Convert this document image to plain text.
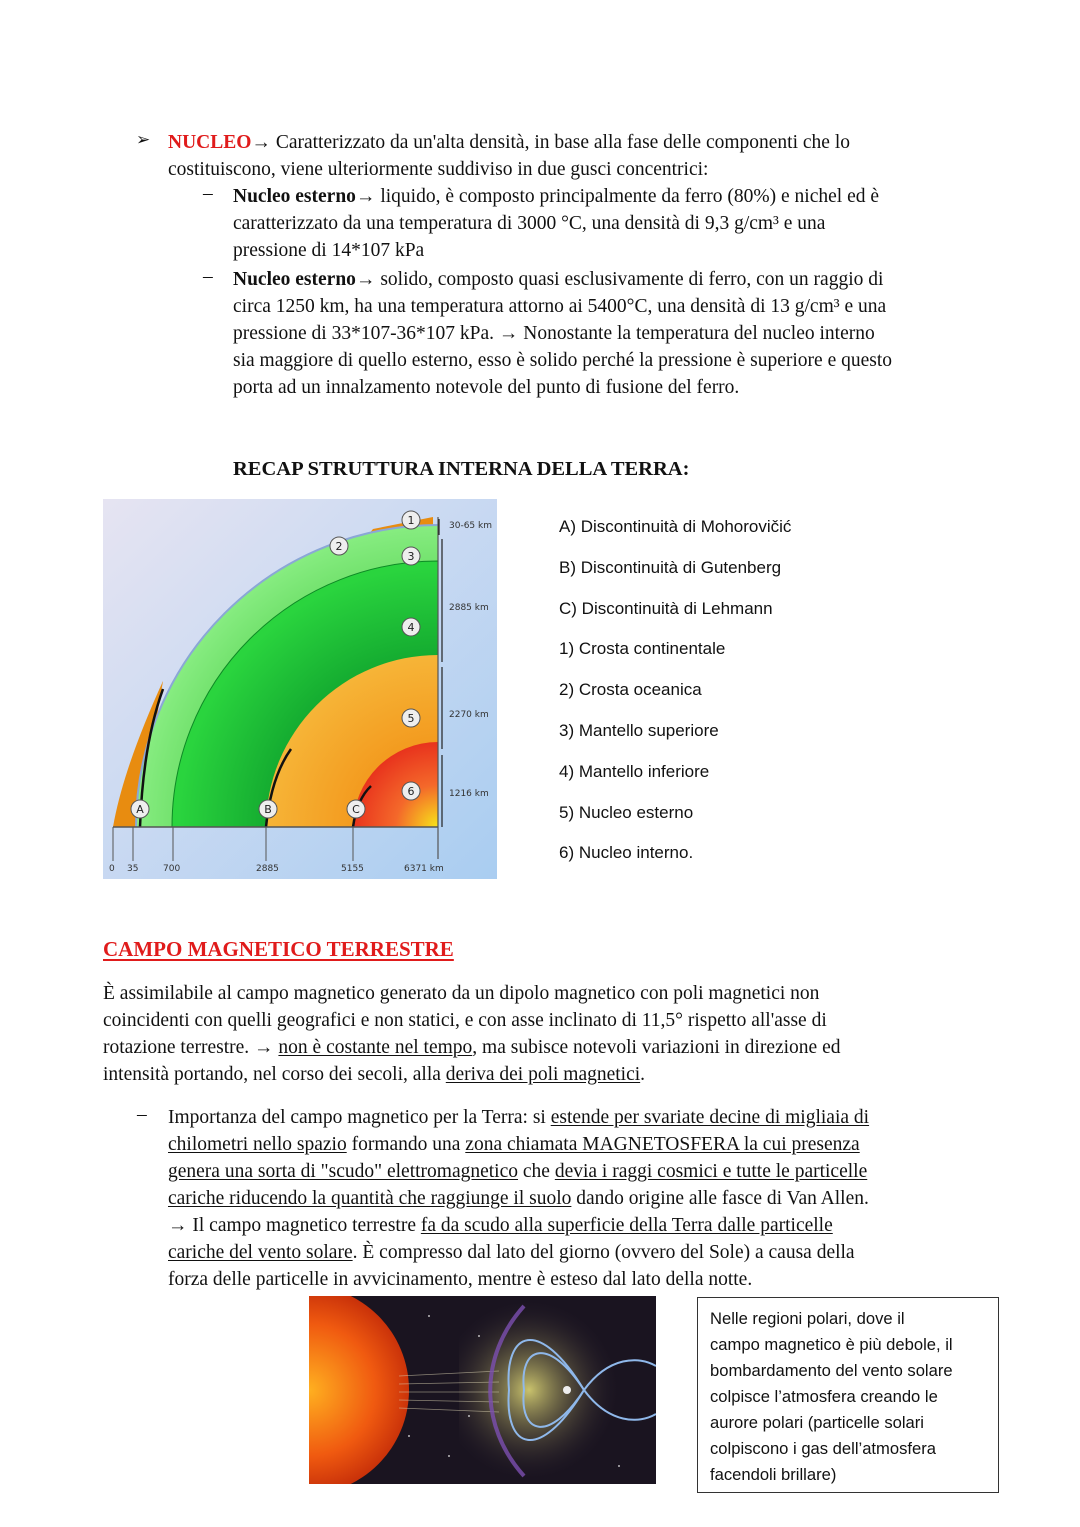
➢ NUCLEO→ Caratterizzato da un'alta densità, in base alla fase delle componenti che lo
costituiscono, viene ulteriormente suddiviso in due gusci concentrici:
– Nucleo esterno→ liquido, è composto principalmente da ferro (80%) e nichel ed è
caratterizzato da una temperatura di 3000 °C, una densità di 9,3 g/cm³ e una
pressione di 14*107 kPa
– Nucleo esterno→ solido, composto quasi esclusivamente di ferro, con un raggio di
circa 1250 km, ha una temperatura attorno ai 5400°C, una densità di 13 g/cm³ e una
pressione di 33*107-36*107 kPa. → Nonostante la temperatura del nucleo interno
sia maggiore di quello esterno, esso è solido perché la pressione è superiore e questo
porta ad un innalzamento notevole del punto di fusione del ferro.
RECAP STRUTTURA INTERNA DELLA TERRA:
30-65 km
2885 km
2270 km
1216 km
0 35	700	2885	5155	6371 km
1
2
3
4
5
6
A	B	C
A) Discontinuità di Mohorovičić
B) Discontinuità di Gutenberg
C) Discontinuità di Lehmann
1) Crosta continentale
2) Crosta oceanica
3) Mantello superiore
4) Mantello inferiore
5) Nucleo esterno
6) Nucleo interno.
CAMPO MAGNETICO TERRESTRE
È assimilabile al campo magnetico generato da un dipolo magnetico con poli magnetici non
coincidenti con quelli geografici e non statici, e con asse inclinato di 11,5° rispetto all'asse di
rotazione terrestre. → non è costante nel tempo, ma subisce notevoli variazioni in direzione ed
intensità portando, nel corso dei secoli, alla deriva dei poli magnetici.
– Importanza del campo magnetico per la Terra: si estende per svariate decine di migliaia di
chilometri nello spazio formando una zona chiamata MAGNETOSFERA la cui presenza
genera una sorta di "scudo" elettromagnetico che devia i raggi cosmici e tutte le particelle
cariche riducendo la quantità che raggiunge il suolo dando origine alle fasce di Van Allen.
→ Il campo magnetico terrestre fa da scudo alla superficie della Terra dalle particelle
cariche del vento solare. È compresso dal lato del giorno (ovvero del Sole) a causa della
forza delle particelle in avvicinamento, mentre è esteso dal lato della notte.
Nelle regioni polari, dove il
campo magnetico è più debole, il
bombardamento del vento solare
colpisce l’atmosfera creando le
aurore polari (particelle solari
colpiscono i gas dell’atmosfera
facendoli brillare)
